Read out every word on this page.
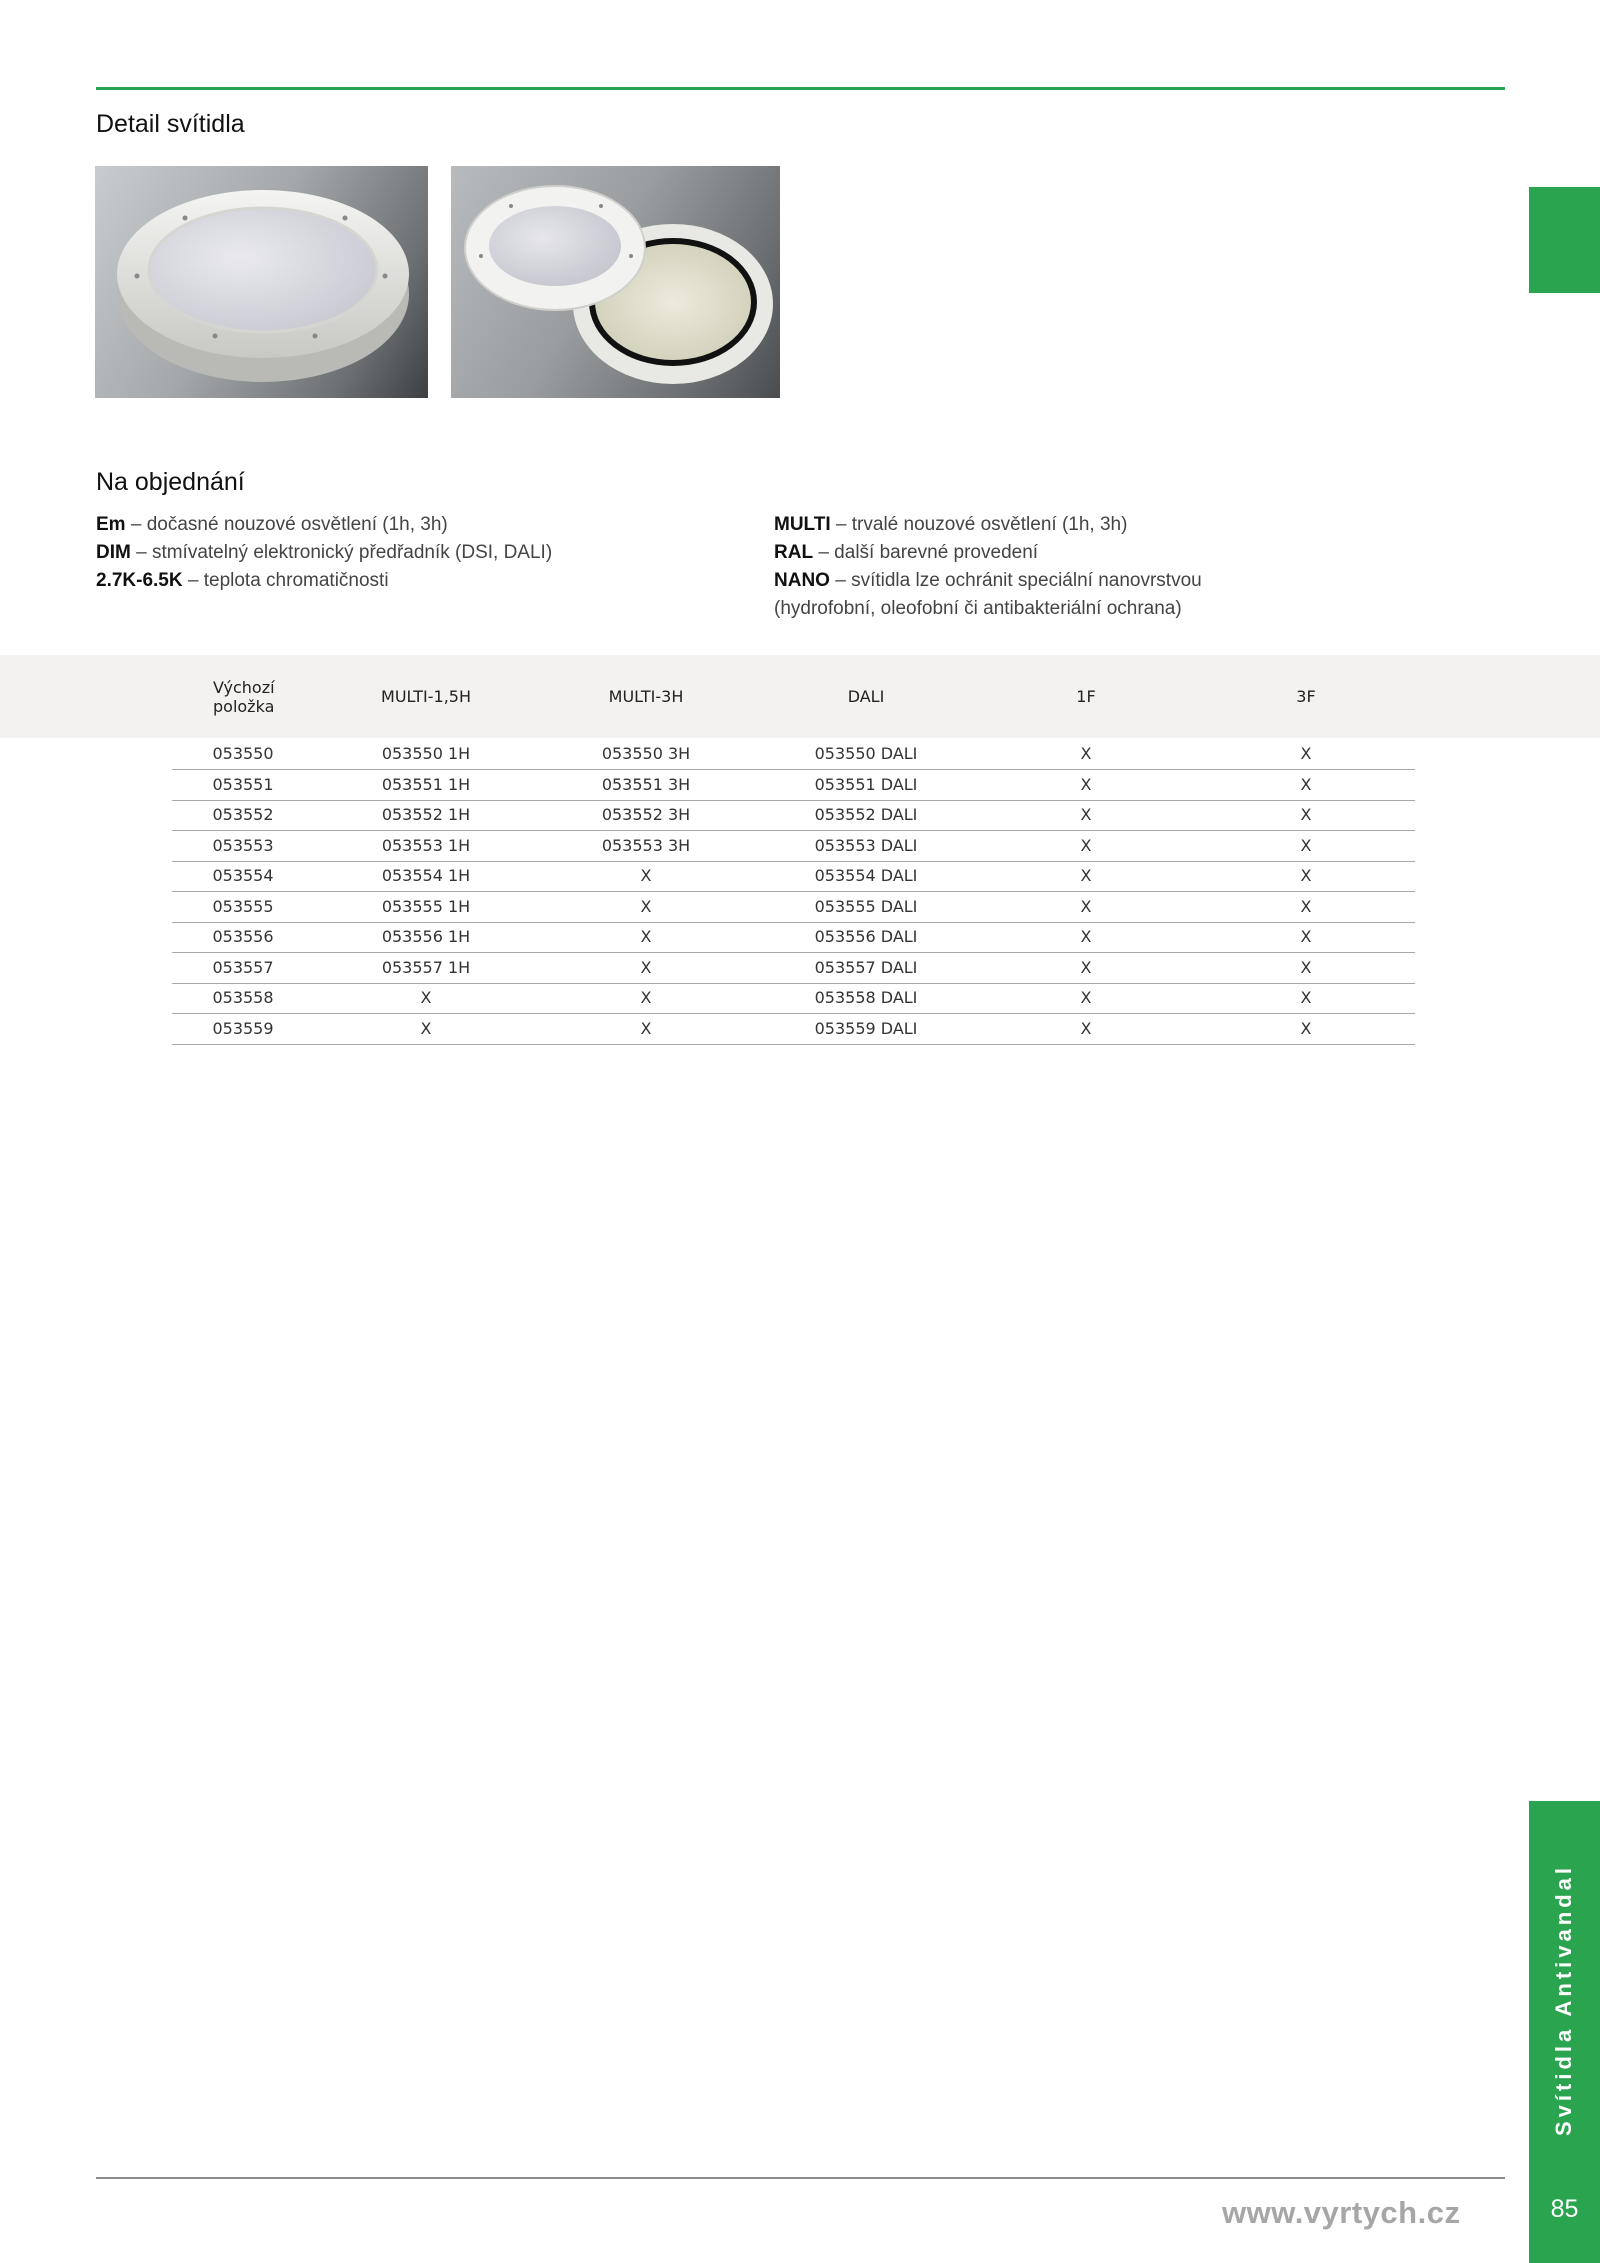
Detail svítidla
Na objednání
Em – dočasné nouzové osvětlení (1h, 3h)
DIM – stmívatelný elektronický předřadník (DSI, DALI)
2.7K-6.5K – teplota chromatičnosti
MULTI – trvalé nouzové osvětlení (1h, 3h)
RAL – další barevné provedení
NANO – svítidla lze ochránit speciální nanovrstvou
(hydrofobní, oleofobní či antibakteriální ochrana)
Výchozí
položka	MULTI-1,5H	MULTI-3H	DALI	1F	3F
053550	053550 1H	053550 3H	053550 DALI	X	X
053551	053551 1H	053551 3H	053551 DALI	X	X
053552	053552 1H	053552 3H	053552 DALI	X	X
053553	053553 1H	053553 3H	053553 DALI	X	X
053554	053554 1H	X	053554 DALI	X	X
053555	053555 1H	X	053555 DALI	X	X
053556	053556 1H	X	053556 DALI	X	X
053557	053557 1H	X	053557 DALI	X	X
053558	X	X	053558 DALI	X	X
053559	X	X	053559 DALI	X	X
Svítidla Antivandal
www.vyrtych.cz	85
